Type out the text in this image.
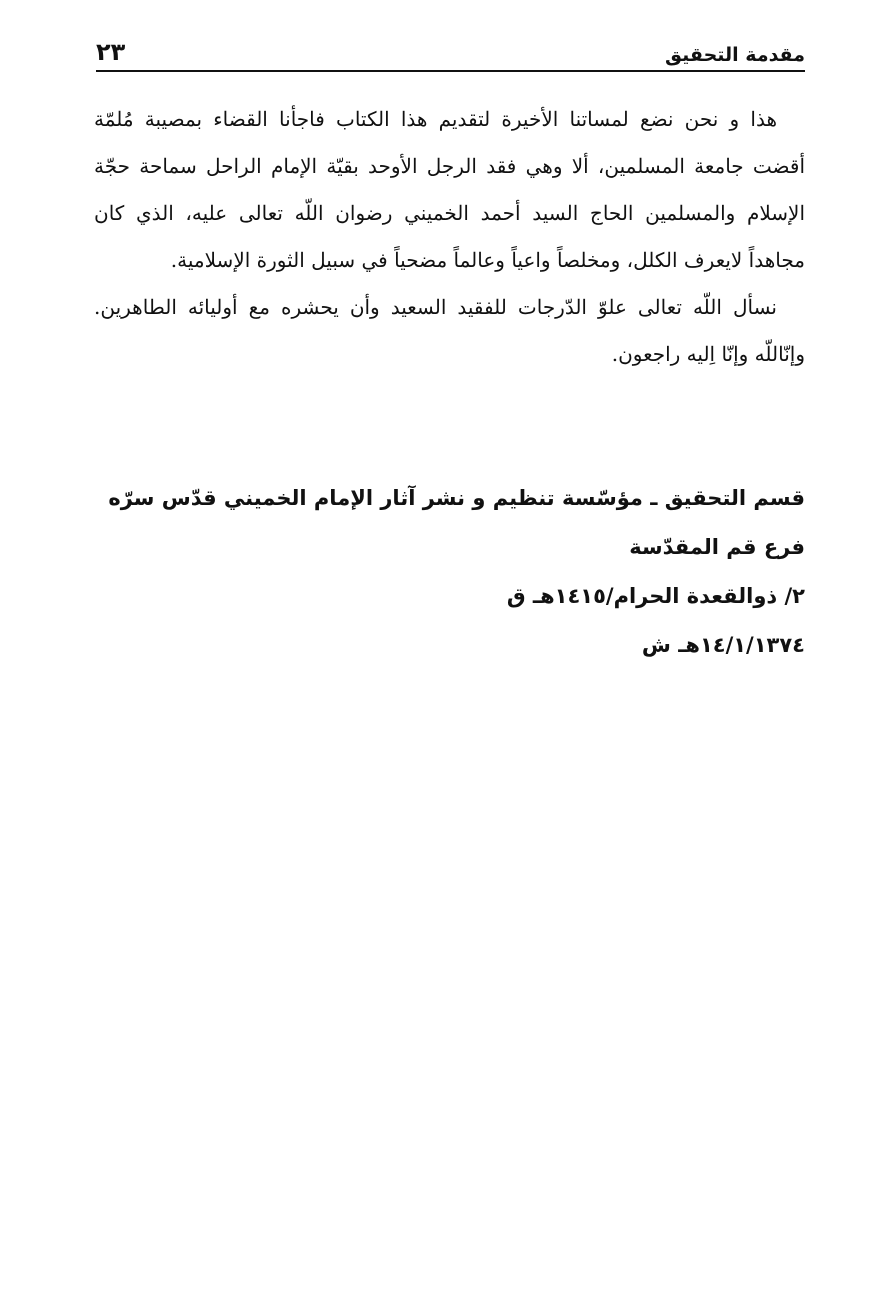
مقدمة التحقيق
٢٣

هذا و نحن نضع لمساتنا الأخيرة لتقديم هذا الكتاب فاجأنا القضاء بمصيبة مُلمّة أقضت جامعة المسلمين، ألا وهي فقد الرجل الأوحد بقيّة الإمام الراحل سماحة حجّة الإسلام والمسلمين الحاج السيد أحمد الخميني رضوان اللّه تعالى عليه، الذي كان مجاهداً لايعرف الكلل، ومخلصاً واعياً وعالماً مضحياً في سبيل الثورة الإسلامية.

نسأل اللّه تعالى علوّ الدّرجات للفقيد السعيد وأن يحشره مع أوليائه الطاهرين. وإنّاللّه وإنّا اِليه راجعون.

قسم التحقيق ـ مؤسّسة تنظيم و نشر آثار الإمام الخميني قدّس سرّه
فرع قم المقدّسة
٢/ ذوالقعدة الحرام/١٤١٥هـ ق
١٤/١/١٣٧٤هـ ش
